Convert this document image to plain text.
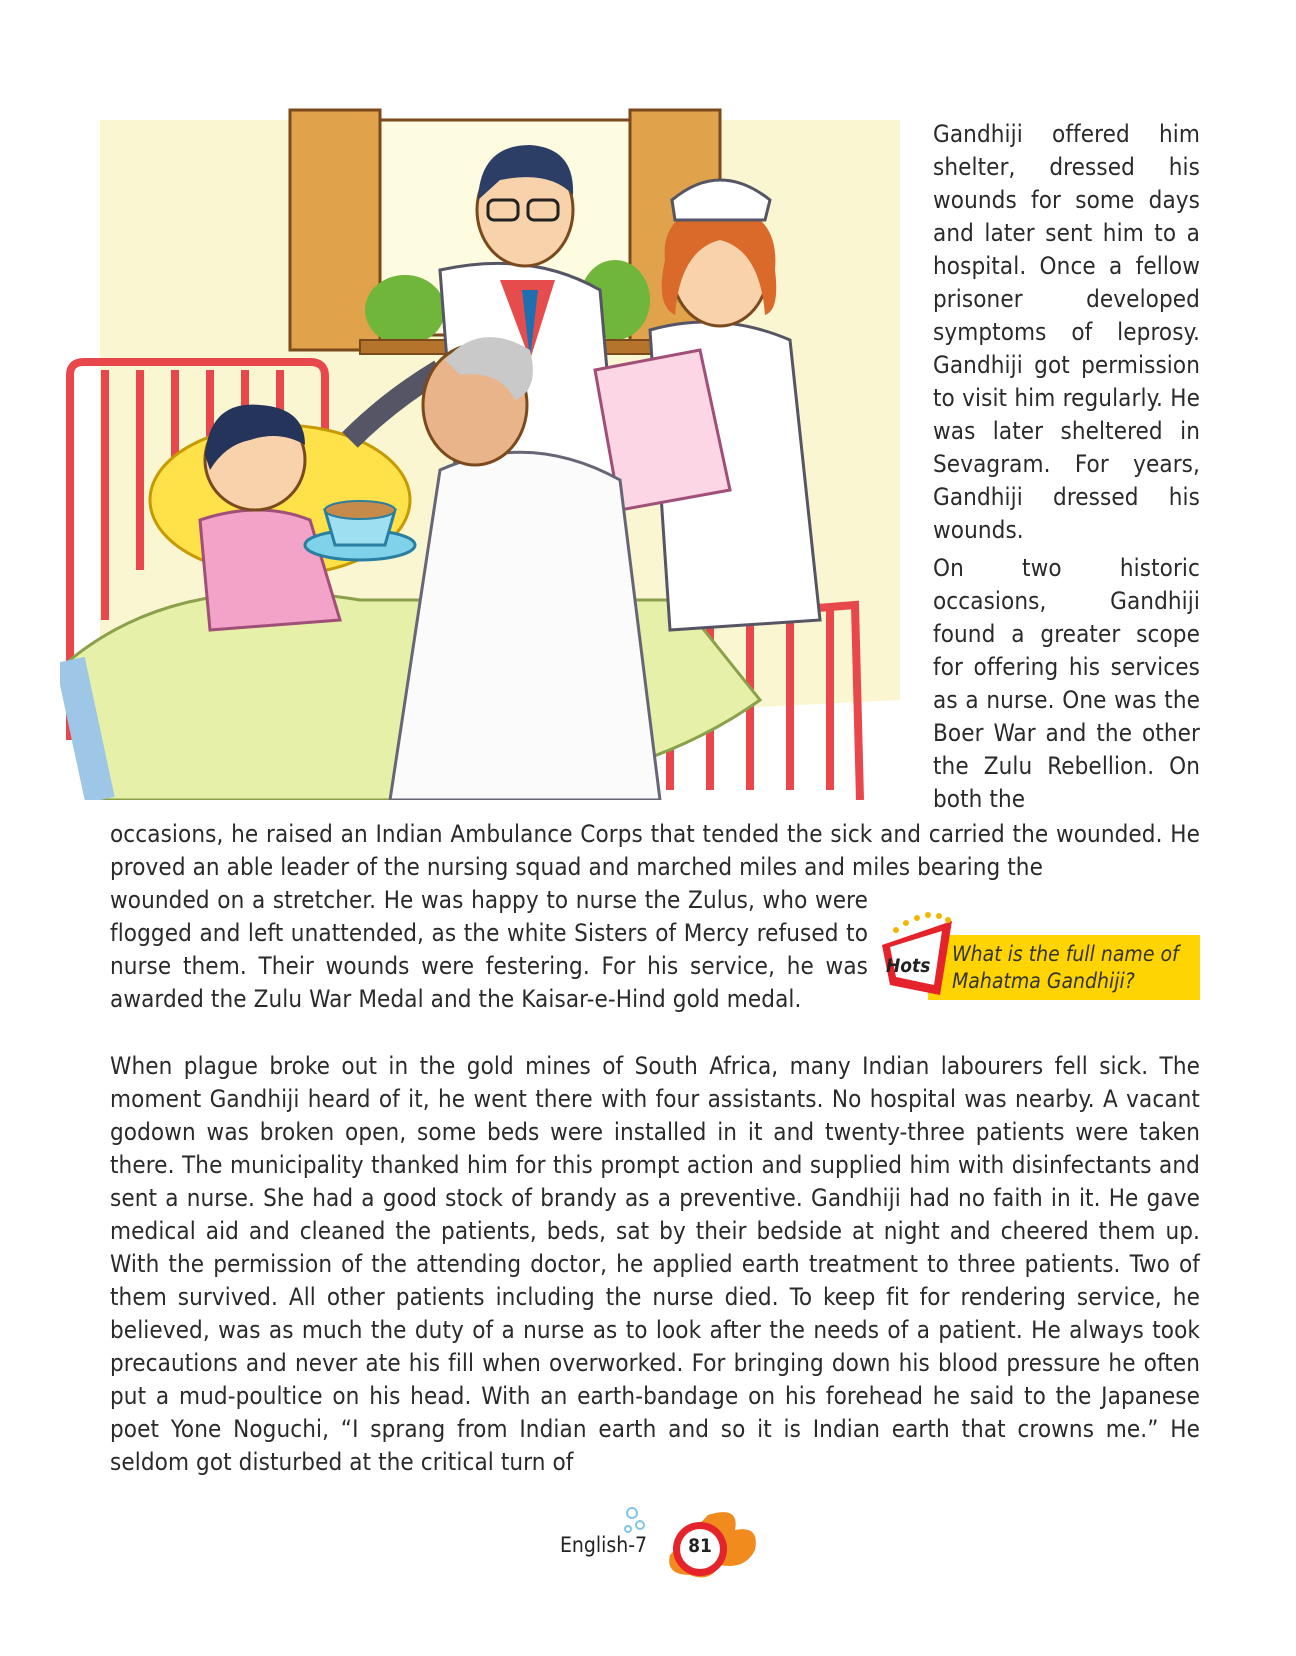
Gandhiji offered him shelter, dressed his wounds for some days and later sent him to a hospital. Once a fellow prisoner developed symptoms of leprosy. Gandhiji got permission to visit him regularly. He was later sheltered in Sevagram. For years, Gandhiji dressed his wounds.

On two historic occasions, Gandhiji found a greater scope for offering his services as a nurse. One was the Boer War and the other the Zulu Rebellion. On both the

occasions, he raised an Indian Ambulance Corps that tended the sick and carried the wounded. He proved an able leader of the nursing squad and marched miles and miles bearing the

wounded on a stretcher. He was happy to nurse the Zulus, who were flogged and left unattended, as the white Sisters of Mercy refused to nurse them. Their wounds were festering. For his service, he was awarded the Zulu War Medal and the Kaisar-e-Hind gold medal.

Hots What is the full name of Mahatma Gandhiji?

When plague broke out in the gold mines of South Africa, many Indian labourers fell sick. The moment Gandhiji heard of it, he went there with four assistants. No hospital was nearby. A vacant godown was broken open, some beds were installed in it and twenty-three patients were taken there. The municipality thanked him for this prompt action and supplied him with disinfectants and sent a nurse. She had a good stock of brandy as a preventive. Gandhiji had no faith in it. He gave medical aid and cleaned the patients, beds, sat by their bedside at night and cheered them up. With the permission of the attending doctor, he applied earth treatment to three patients. Two of them survived. All other patients including the nurse died. To keep fit for rendering service, he believed, was as much the duty of a nurse as to look after the needs of a patient. He always took precautions and never ate his fill when overworked. For bringing down his blood pressure he often put a mud-poultice on his head. With an earth-bandage on his forehead he said to the Japanese poet Yone Noguchi, “I sprang from Indian earth and so it is Indian earth that crowns me.” He seldom got disturbed at the critical turn of

English-7	81
